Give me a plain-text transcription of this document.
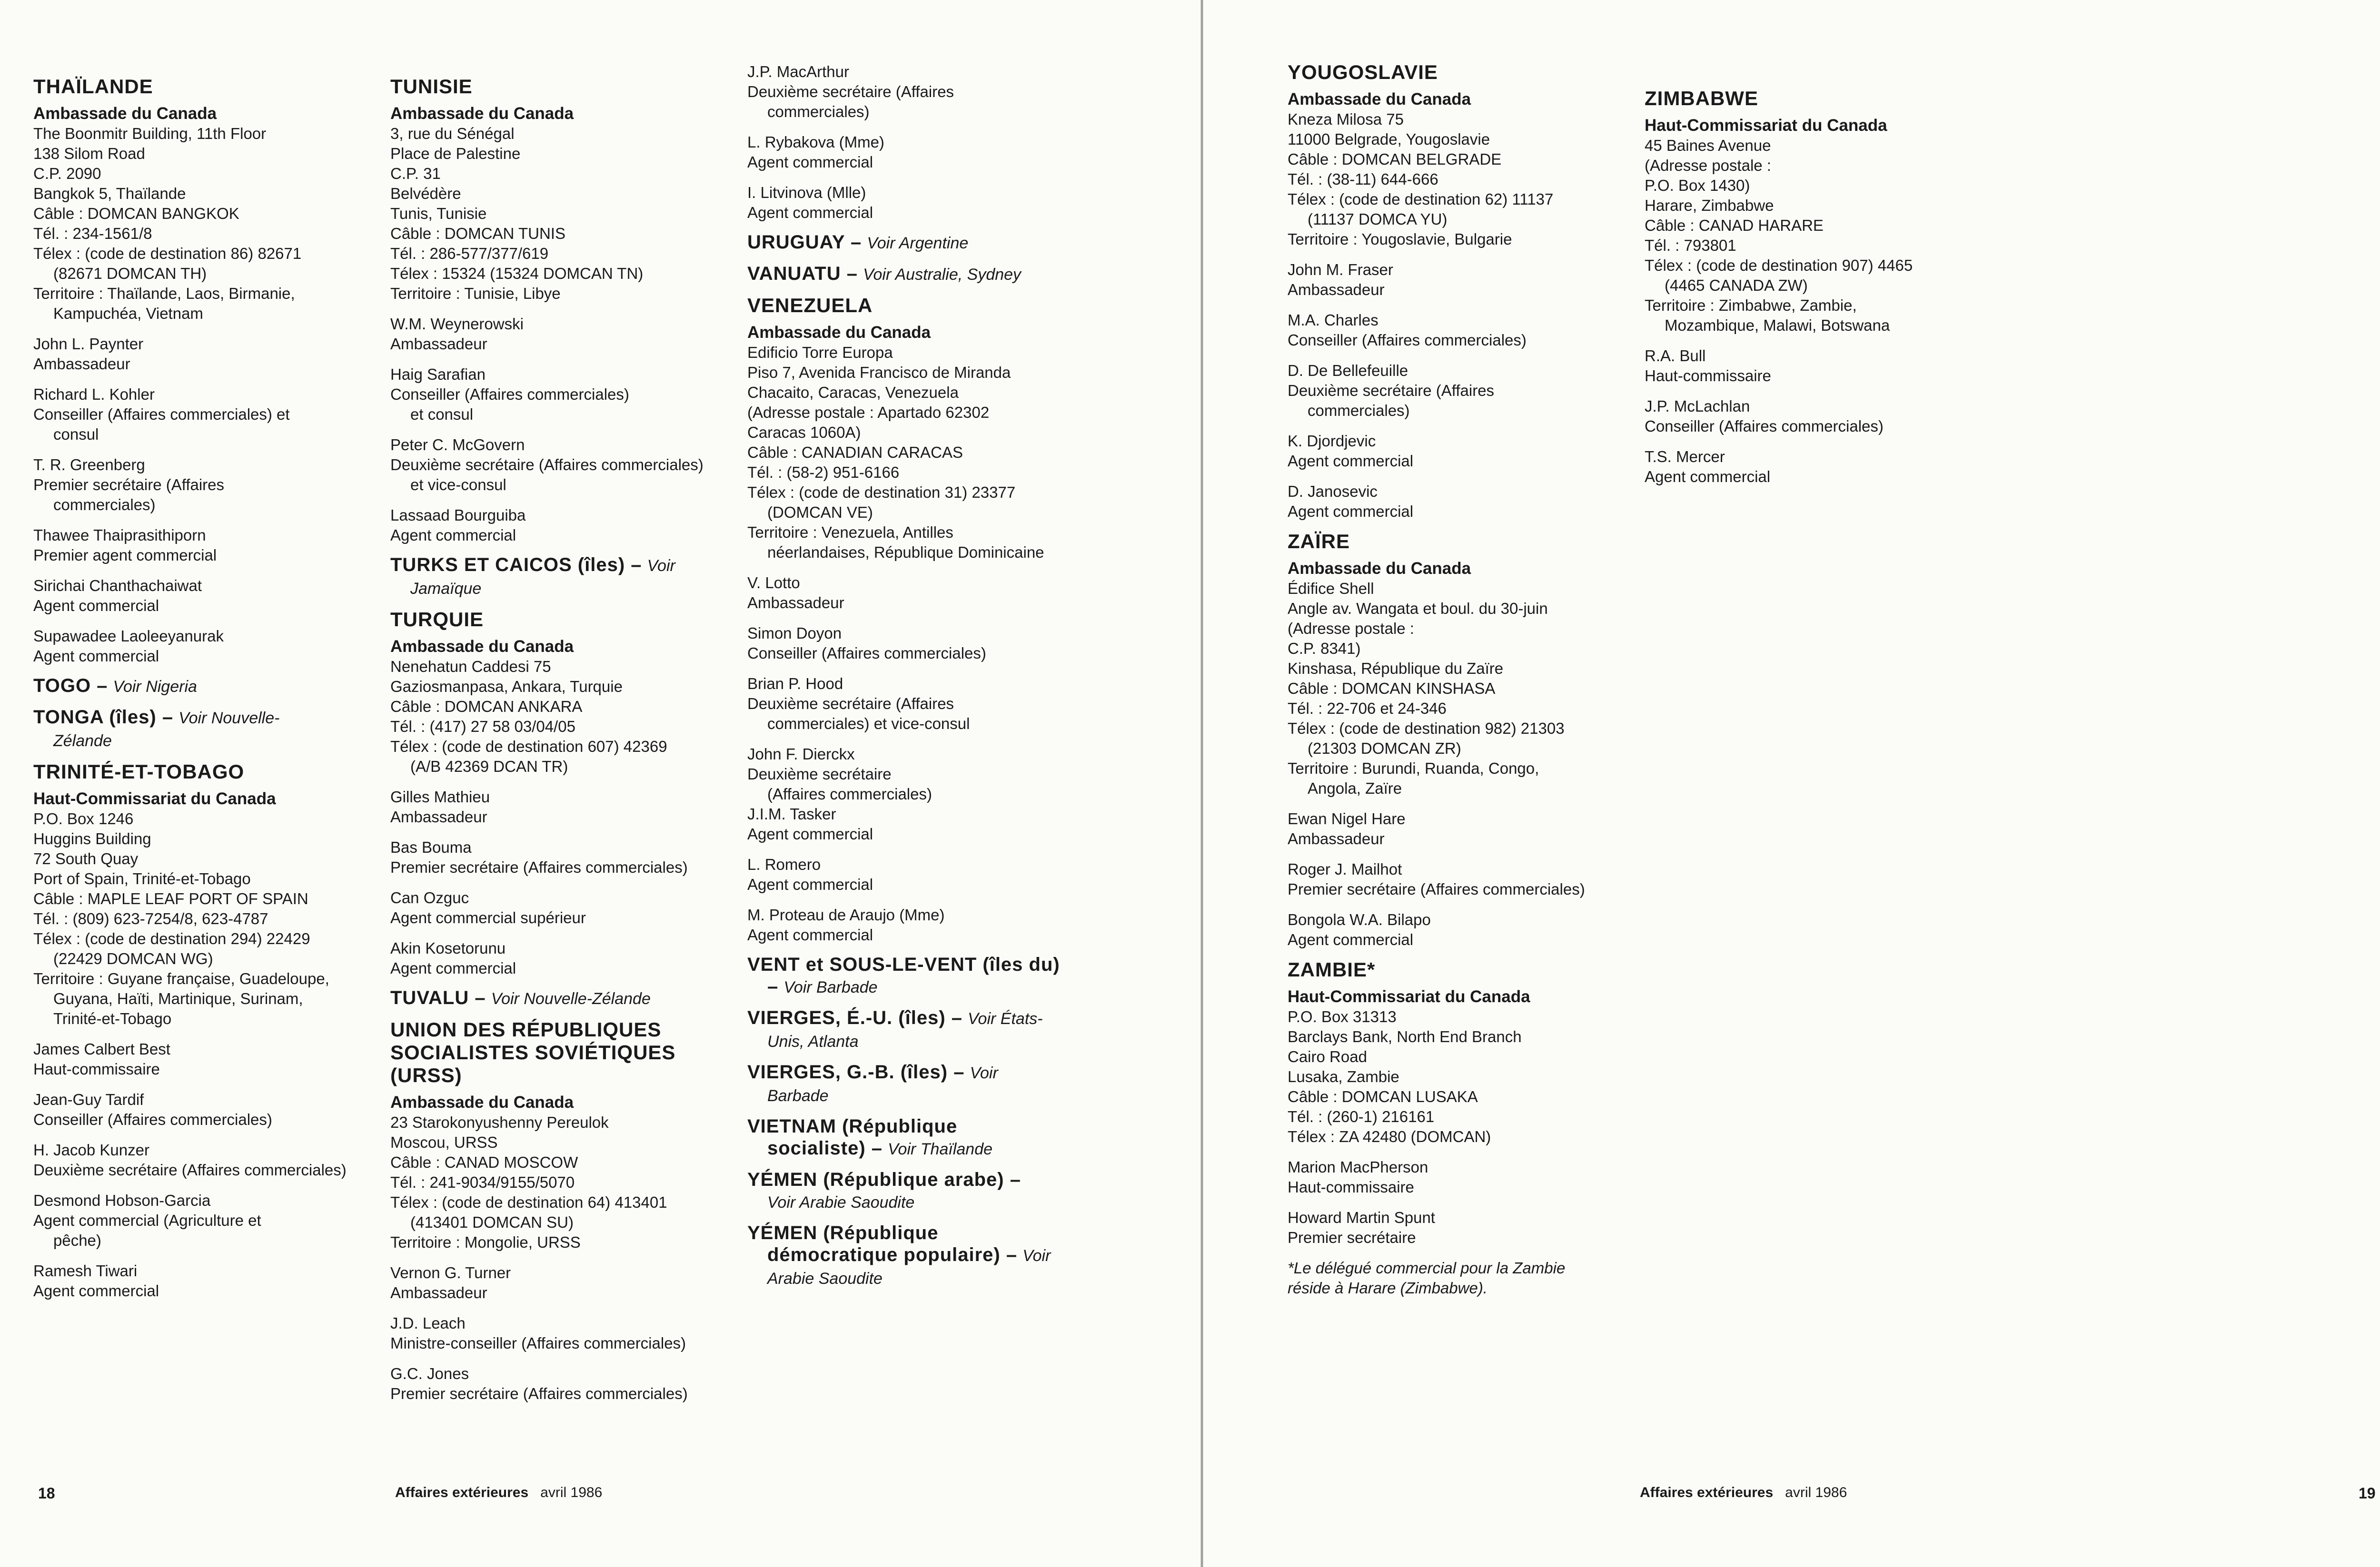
THAÏLANDE
Ambassade du Canada
The Boonmitr Building, 11th Floor
138 Silom Road
C.P. 2090
Bangkok 5, Thaïlande
Câble : DOMCAN BANGKOK
Tél. : 234-1561/8
Télex : (code de destination 86) 82671
(82671 DOMCAN TH)
Territoire : Thaïlande, Laos, Birmanie,
Kampuchéa, Vietnam
John L. Paynter
Ambassadeur
Richard L. Kohler
Conseiller (Affaires commerciales) et
consul
T. R. Greenberg
Premier secrétaire (Affaires
commerciales)
Thawee Thaiprasithiporn
Premier agent commercial
Sirichai Chanthachaiwat
Agent commercial
Supawadee Laoleeyanurak
Agent commercial
TOGO – Voir Nigeria
TONGA (îles) – Voir Nouvelle-
Zélande
TRINITÉ-ET-TOBAGO
Haut-Commissariat du Canada
P.O. Box 1246
Huggins Building
72 South Quay
Port of Spain, Trinité-et-Tobago
Câble : MAPLE LEAF PORT OF SPAIN
Tél. : (809) 623-7254/8, 623-4787
Télex : (code de destination 294) 22429
(22429 DOMCAN WG)
Territoire : Guyane française, Guadeloupe,
Guyana, Haïti, Martinique, Surinam,
Trinité-et-Tobago
James Calbert Best
Haut-commissaire
Jean-Guy Tardif
Conseiller (Affaires commerciales)
H. Jacob Kunzer
Deuxième secrétaire (Affaires commerciales)
Desmond Hobson-Garcia
Agent commercial (Agriculture et
pêche)
Ramesh Tiwari
Agent commercial
TUNISIE
Ambassade du Canada
3, rue du Sénégal
Place de Palestine
C.P. 31
Belvédère
Tunis, Tunisie
Câble : DOMCAN TUNIS
Tél. : 286-577/377/619
Télex : 15324 (15324 DOMCAN TN)
Territoire : Tunisie, Libye
W.M. Weynerowski
Ambassadeur
Haig Sarafian
Conseiller (Affaires commerciales)
et consul
Peter C. McGovern
Deuxième secrétaire (Affaires commerciales)
et vice-consul
Lassaad Bourguiba
Agent commercial
TURKS ET CAICOS (îles) – Voir
Jamaïque
TURQUIE
Ambassade du Canada
Nenehatun Caddesi 75
Gaziosmanpasa, Ankara, Turquie
Câble : DOMCAN ANKARA
Tél. : (417) 27 58 03/04/05
Télex : (code de destination 607) 42369
(A/B 42369 DCAN TR)
Gilles Mathieu
Ambassadeur
Bas Bouma
Premier secrétaire (Affaires commerciales)
Can Ozguc
Agent commercial supérieur
Akin Kosetorunu
Agent commercial
TUVALU – Voir Nouvelle-Zélande
UNION DES RÉPUBLIQUES
SOCIALISTES SOVIÉTIQUES
(URSS)
Ambassade du Canada
23 Starokonyushenny Pereulok
Moscou, URSS
Câble : CANAD MOSCOW
Tél. : 241-9034/9155/5070
Télex : (code de destination 64) 413401
(413401 DOMCAN SU)
Territoire : Mongolie, URSS
Vernon G. Turner
Ambassadeur
J.D. Leach
Ministre-conseiller (Affaires commerciales)
G.C. Jones
Premier secrétaire (Affaires commerciales)
J.P. MacArthur
Deuxième secrétaire (Affaires
commerciales)
L. Rybakova (Mme)
Agent commercial
I. Litvinova (Mlle)
Agent commercial
URUGUAY – Voir Argentine
VANUATU – Voir Australie, Sydney
VENEZUELA
Ambassade du Canada
Edificio Torre Europa
Piso 7, Avenida Francisco de Miranda
Chacaito, Caracas, Venezuela
(Adresse postale : Apartado 62302
Caracas 1060A)
Câble : CANADIAN CARACAS
Tél. : (58-2) 951-6166
Télex : (code de destination 31) 23377
(DOMCAN VE)
Territoire : Venezuela, Antilles
néerlandaises, République Dominicaine
V. Lotto
Ambassadeur
Simon Doyon
Conseiller (Affaires commerciales)
Brian P. Hood
Deuxième secrétaire (Affaires
commerciales) et vice-consul
John F. Dierckx
Deuxième secrétaire
(Affaires commerciales)
J.I.M. Tasker
Agent commercial
L. Romero
Agent commercial
M. Proteau de Araujo (Mme)
Agent commercial
VENT et SOUS-LE-VENT (îles du)
– Voir Barbade
VIERGES, É.-U. (îles) – Voir États-
Unis, Atlanta
VIERGES, G.-B. (îles) – Voir
Barbade
VIETNAM (République
socialiste) – Voir Thaïlande
YÉMEN (République arabe) –
Voir Arabie Saoudite
YÉMEN (République
démocratique populaire) – Voir
Arabie Saoudite
18	Affaires extérieures avril 1986
YOUGOSLAVIE
Ambassade du Canada
Kneza Milosa 75
11000 Belgrade, Yougoslavie
Câble : DOMCAN BELGRADE
Tél. : (38-11) 644-666
Télex : (code de destination 62) 11137
(11137 DOMCA YU)
Territoire : Yougoslavie, Bulgarie
John M. Fraser
Ambassadeur
M.A. Charles
Conseiller (Affaires commerciales)
D. De Bellefeuille
Deuxième secrétaire (Affaires
commerciales)
K. Djordjevic
Agent commercial
D. Janosevic
Agent commercial
ZAÏRE
Ambassade du Canada
Édifice Shell
Angle av. Wangata et boul. du 30-juin
(Adresse postale :
C.P. 8341)
Kinshasa, République du Zaïre
Câble : DOMCAN KINSHASA
Tél. : 22-706 et 24-346
Télex : (code de destination 982) 21303
(21303 DOMCAN ZR)
Territoire : Burundi, Ruanda, Congo,
Angola, Zaïre
Ewan Nigel Hare
Ambassadeur
Roger J. Mailhot
Premier secrétaire (Affaires commerciales)
Bongola W.A. Bilapo
Agent commercial
ZAMBIE*
Haut-Commissariat du Canada
P.O. Box 31313
Barclays Bank, North End Branch
Cairo Road
Lusaka, Zambie
Câble : DOMCAN LUSAKA
Tél. : (260-1) 216161
Télex : ZA 42480 (DOMCAN)
Marion MacPherson
Haut-commissaire
Howard Martin Spunt
Premier secrétaire
*Le délégué commercial pour la Zambie
réside à Harare (Zimbabwe).
ZIMBABWE
Haut-Commissariat du Canada
45 Baines Avenue
(Adresse postale :
P.O. Box 1430)
Harare, Zimbabwe
Câble : CANAD HARARE
Tél. : 793801
Télex : (code de destination 907) 4465
(4465 CANADA ZW)
Territoire : Zimbabwe, Zambie,
Mozambique, Malawi, Botswana
R.A. Bull
Haut-commissaire
J.P. McLachlan
Conseiller (Affaires commerciales)
T.S. Mercer
Agent commercial
Affaires extérieures avril 1986	19
